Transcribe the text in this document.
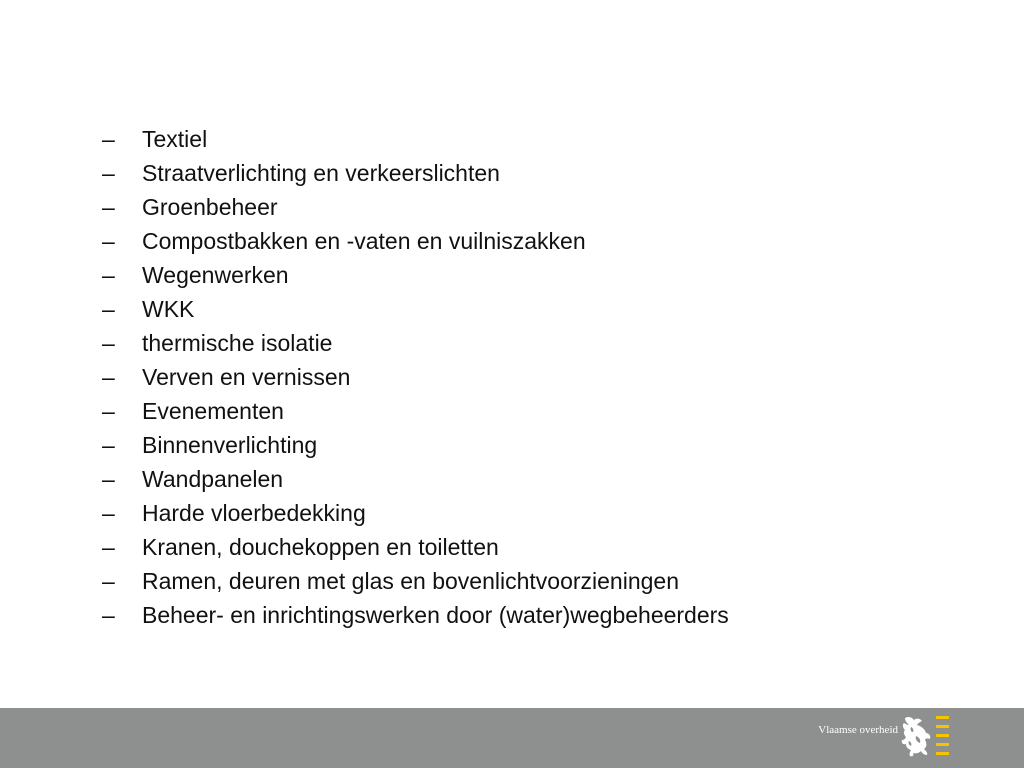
–	Textiel
–	Straatverlichting en verkeerslichten
–	Groenbeheer
–	Compostbakken en -vaten en vuilniszakken
–	Wegenwerken
–	WKK
–	thermische isolatie
–	Verven en vernissen
–	Evenementen
–	Binnenverlichting
–	Wandpanelen
–	Harde vloerbedekking
–	Kranen, douchekoppen en toiletten
–	Ramen, deuren met glas en bovenlichtvoorzieningen
–	Beheer- en inrichtingswerken door (water)wegbeheerders
Vlaamse overheid
